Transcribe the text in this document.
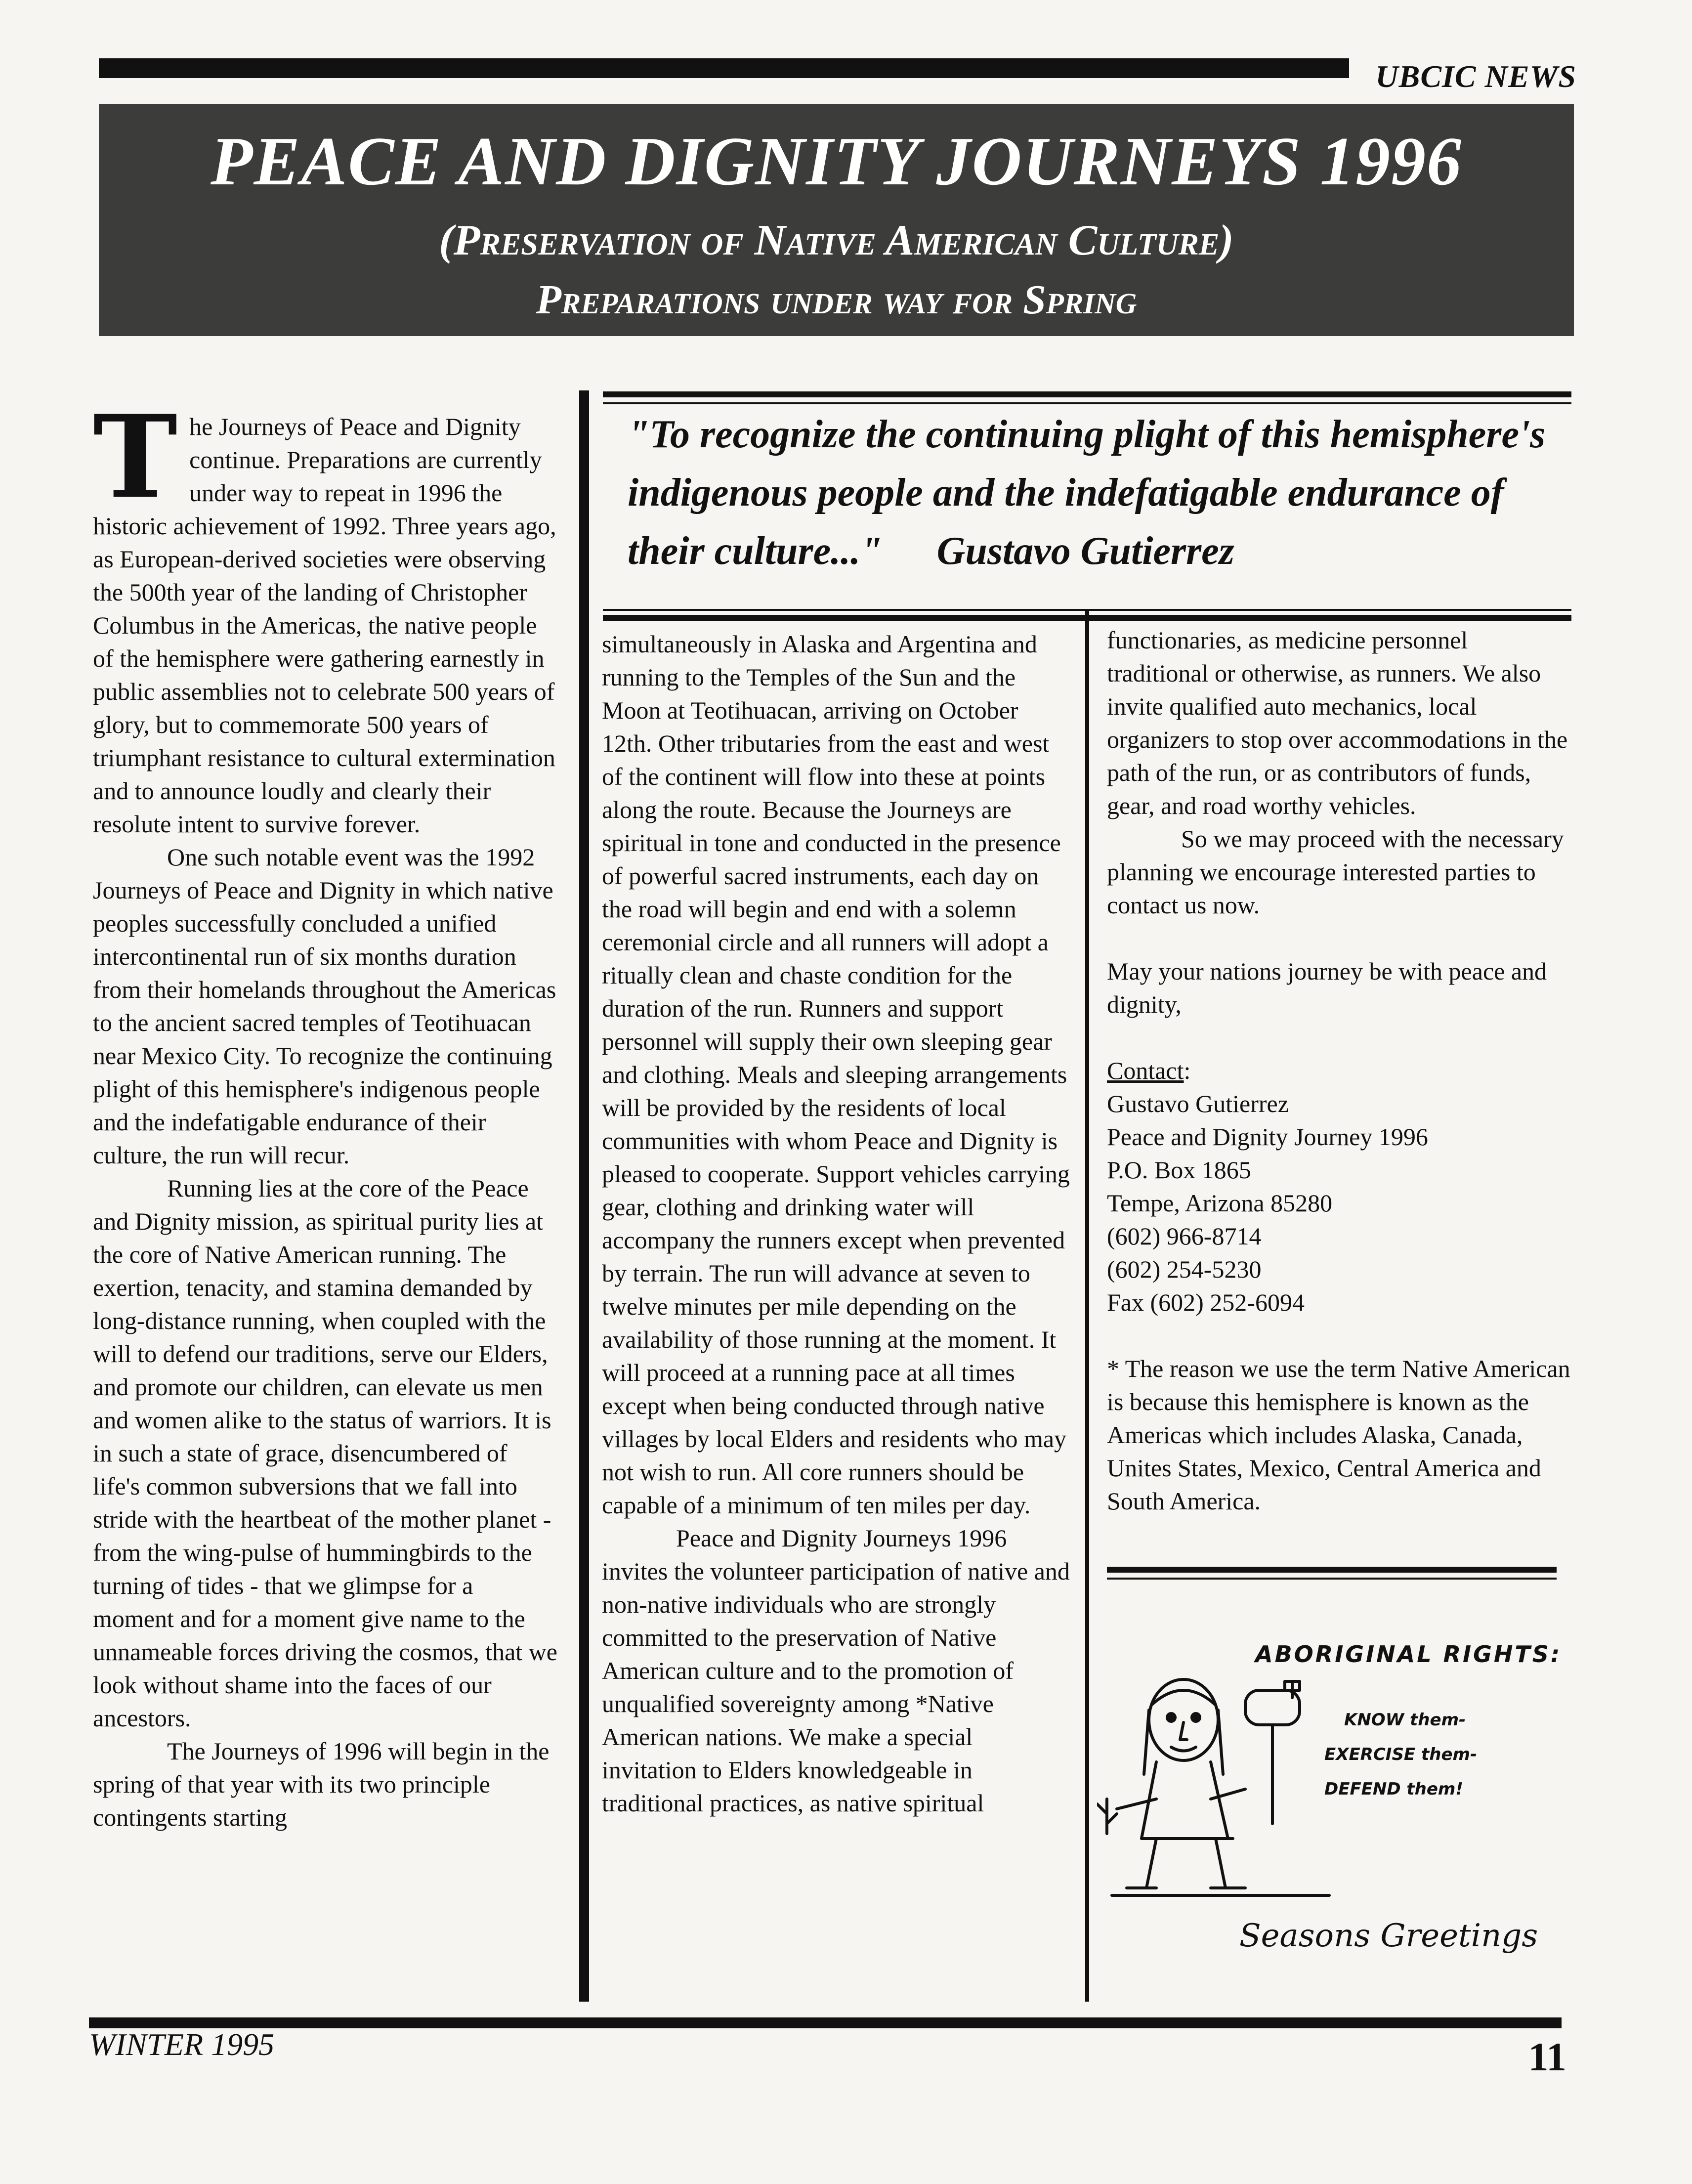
UBCIC NEWS
PEACE AND DIGNITY JOURNEYS 1996
(Preservation of Native American Culture)
Preparations under way for Spring
T he Journeys of Peace and Dignity continue. Preparations are currently under way to repeat in 1996 the historic achievement of 1992. Three years ago, as European-derived societies were observing the 500th year of the landing of Christopher Columbus in the Americas, the native people of the hemisphere were gathering earnestly in public assemblies not to celebrate 500 years of glory, but to commemorate 500 years of triumphant resistance to cultural extermination and to announce loudly and clearly their resolute intent to survive forever.

One such notable event was the 1992 Journeys of Peace and Dignity in which native peoples successfully concluded a unified intercontinental run of six months duration from their homelands throughout the Americas to the ancient sacred temples of Teotihuacan near Mexico City. To recognize the continuing plight of this hemisphere's indigenous people and the indefatigable endurance of their culture, the run will recur.

Running lies at the core of the Peace and Dignity mission, as spiritual purity lies at the core of Native American running. The exertion, tenacity, and stamina demanded by long-distance running, when coupled with the will to defend our traditions, serve our Elders, and promote our children, can elevate us men and women alike to the status of warriors. It is in such a state of grace, disencumbered of life's common subversions that we fall into stride with the heartbeat of the mother planet - from the wing-pulse of hummingbirds to the turning of tides - that we glimpse for a moment and for a moment give name to the unnameable forces driving the cosmos, that we look without shame into the faces of our ancestors.

The Journeys of 1996 will begin in the spring of that year with its two principle contingents starting

"To recognize the continuing plight of this hemisphere's indigenous people and the indefatigable endurance of their culture..." Gustavo Gutierrez

simultaneously in Alaska and Argentina and running to the Temples of the Sun and the Moon at Teotihuacan, arriving on October 12th. Other tributaries from the east and west of the continent will flow into these at points along the route. Because the Journeys are spiritual in tone and conducted in the presence of powerful sacred instruments, each day on the road will begin and end with a solemn ceremonial circle and all runners will adopt a ritually clean and chaste condition for the duration of the run. Runners and support personnel will supply their own sleeping gear and clothing. Meals and sleeping arrangements will be provided by the residents of local communities with whom Peace and Dignity is pleased to cooperate. Support vehicles carrying gear, clothing and drinking water will accompany the runners except when prevented by terrain. The run will advance at seven to twelve minutes per mile depending on the availability of those running at the moment. It will proceed at a running pace at all times except when being conducted through native villages by local Elders and residents who may not wish to run. All core runners should be capable of a minimum of ten miles per day.

Peace and Dignity Journeys 1996 invites the volunteer participation of native and non-native individuals who are strongly committed to the preservation of Native American culture and to the promotion of unqualified sovereignty among *Native American nations. We make a special invitation to Elders knowledgeable in traditional practices, as native spiritual

functionaries, as medicine personnel traditional or otherwise, as runners. We also invite qualified auto mechanics, local organizers to stop over accommodations in the path of the run, or as contributors of funds, gear, and road worthy vehicles.

So we may proceed with the necessary planning we encourage interested parties to contact us now.

May your nations journey be with peace and dignity,

Contact:

Gustavo Gutierrez

Peace and Dignity Journey 1996

P.O. Box 1865

Tempe, Arizona 85280

(602) 966-8714

(602) 254-5230

Fax (602) 252-6094

* The reason we use the term Native American is because this hemisphere is known as the Americas which includes Alaska, Canada, Unites States, Mexico, Central America and South America.

ABORIGINAL RIGHTS:
KNOW them-
EXERCISE them-
DEFEND them!
Seasons Greetings
WINTER 1995	11
